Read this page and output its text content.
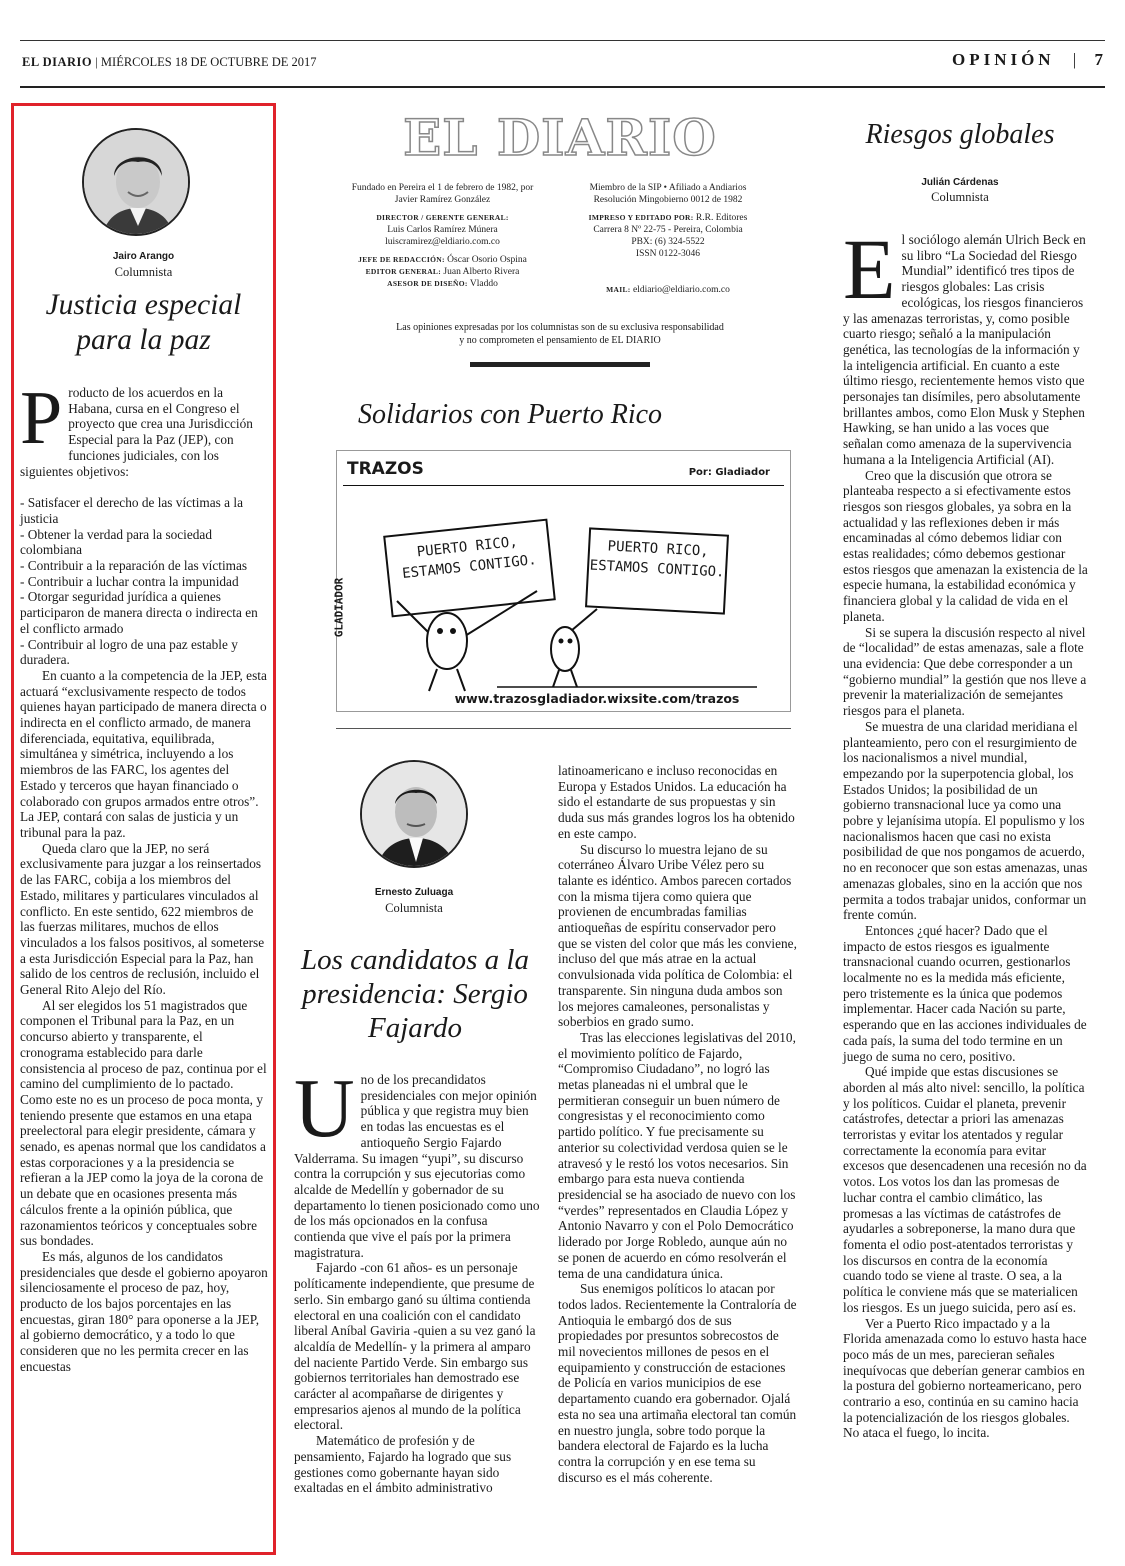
EL DIARIO | MIÉRCOLES 18 DE OCTUBRE DE 2017	OPINIÓN | 7
Jairo Arango
Columnista
Justicia especial para la paz
P roducto de los acuerdos en la Habana, cursa en el Congreso el proyecto que crea una Jurisdicción Especial para la Paz (JEP), con funciones judiciales, con los siguientes objetivos:

- Satisfacer el derecho de las víctimas a la justicia
- Obtener la verdad para la sociedad colombiana
- Contribuir a la reparación de las víctimas
- Contribuir a luchar contra la impunidad
- Otorgar seguridad jurídica a quienes participaron de manera directa o indirecta en el conflicto armado
- Contribuir al logro de una paz estable y duradera.

En cuanto a la competencia de la JEP, esta actuará “exclusivamente respecto de todos quienes hayan participado de manera directa o indirecta en el conflicto armado, de manera diferenciada, equitativa, equilibrada, simultánea y simétrica, incluyendo a los miembros de las FARC, los agentes del Estado y terceros que hayan financiado o colaborado con grupos armados entre otros”. La JEP, contará con salas de justicia y un tribunal para la paz.

Queda claro que la JEP, no será exclusivamente para juzgar a los reinsertados de las FARC, cobija a los miembros del Estado, militares y particulares vinculados al conflicto. En este sentido, 622 miembros de las fuerzas militares, muchos de ellos vinculados a los falsos positivos, al someterse a esta Jurisdicción Especial para la Paz, han salido de los centros de reclusión, incluido el General Rito Alejo del Río.

Al ser elegidos los 51 magistrados que componen el Tribunal para la Paz, en un concurso abierto y transparente, el cronograma establecido para darle consistencia al proceso de paz, continua por el camino del cumplimiento de lo pactado. Como este no es un proceso de poca monta, y teniendo presente que estamos en una etapa preelectoral para elegir presidente, cámara y senado, es apenas normal que los candidatos a estas corporaciones y a la presidencia se refieran a la JEP como la joya de la corona de un debate que en ocasiones presenta más cálculos frente a la opinión pública, que razonamientos teóricos y conceptuales sobre sus bondades.

Es más, algunos de los candidatos presidenciales que desde el gobierno apoyaron silenciosamente el proceso de paz, hoy, producto de los bajos porcentajes en las encuestas, giran 180° para oponerse a la JEP, al gobierno democrático, y a todo lo que consideren que no les permita crecer en las encuestas

EL DIARIO
Fundado en Pereira el 1 de febrero de 1982, por Javier Ramírez González
DIRECTOR / GERENTE GENERAL:
Luis Carlos Ramírez Múnera
luiscramirez@eldiario.com.co
JEFE DE REDACCIÓN: Óscar Osorio Ospina
EDITOR GENERAL: Juan Alberto Rivera
ASESOR DE DISEÑO: Vladdo
Miembro de la SIP • Afiliado a Andiarios Resolución Mingobierno 0012 de 1982
IMPRESO Y EDITADO POR: R.R. Editores
Carrera 8 Nº 22-75 - Pereira, Colombia
PBX: (6) 324-5522
ISSN 0122-3046
MAIL: eldiario@eldiario.com.co
Las opiniones expresadas por los columnistas son de su exclusiva responsabilidad
y no comprometen el pensamiento de EL DIARIO
Solidarios con Puerto Rico
TRAZOS	Por: Gladiador
PUERTO RICO, ESTAMOS CONTIGO.
PUERTO RICO, ESTAMOS CONTIGO.
GLADIADOR
www.trazosgladiador.wixsite.com/trazos
Ernesto Zuluaga
Columnista
Los candidatos a la presidencia: Sergio Fajardo
U no de los precandidatos presidenciales con mejor opinión pública y que registra muy bien en todas las encuestas es el antioqueño Sergio Fajardo Valderrama. Su imagen “yupi”, su discurso contra la corrupción y sus ejecutorias como alcalde de Medellín y gobernador de su departamento lo tienen posicionado como uno de los más opcionados en la confusa contienda que vive el país por la primera magistratura.

Fajardo -con 61 años- es un personaje políticamente independiente, que presume de serlo. Sin embargo ganó su última contienda electoral en una coalición con el candidato liberal Aníbal Gaviria -quien a su vez ganó la alcaldía de Medellín- y la primera al amparo del naciente Partido Verde. Sin embargo sus gobiernos territoriales han demostrado ese carácter al acompañarse de dirigentes y empresarios ajenos al mundo de la política electoral.

Matemático de profesión y de pensamiento, Fajardo ha logrado que sus gestiones como gobernante hayan sido exaltadas en el ámbito administrativo

latinoamericano e incluso reconocidas en Europa y Estados Unidos. La educación ha sido el estandarte de sus propuestas y sin duda sus más grandes logros los ha obtenido en este campo.

Su discurso lo muestra lejano de su coterráneo Álvaro Uribe Vélez pero su talante es idéntico. Ambos parecen cortados con la misma tijera como quiera que provienen de encumbradas familias antioqueñas de espíritu conservador pero que se visten del color que más les conviene, incluso del que más atrae en la actual convulsionada vida política de Colombia: el transparente. Sin ninguna duda ambos son los mejores camaleones, personalistas y soberbios en grado sumo.

Tras las elecciones legislativas del 2010, el movimiento político de Fajardo, “Compromiso Ciudadano”, no logró las metas planeadas ni el umbral que le permitieran conseguir un buen número de congresistas y el reconocimiento como partido político. Y fue precisamente su anterior su colectividad verdosa quien se le atravesó y le restó los votos necesarios. Sin embargo para esta nueva contienda presidencial se ha asociado de nuevo con los “verdes” representados en Claudia López y Antonio Navarro y con el Polo Democrático liderado por Jorge Robledo, aunque aún no se ponen de acuerdo en cómo resolverán el tema de una candidatura única.

Sus enemigos políticos lo atacan por todos lados. Recientemente la Contraloría de Antioquia le embargó dos de sus propiedades por presuntos sobrecostos de mil novecientos millones de pesos en el equipamiento y construcción de estaciones de Policía en varios municipios de ese departamento cuando era gobernador. Ojalá esta no sea una artimaña electoral tan común en nuestro jungla, sobre todo porque la bandera electoral de Fajardo es la lucha contra la corrupción y en ese tema su discurso es el más coherente.

Riesgos globales
Julián Cárdenas
Columnista
E l sociólogo alemán Ulrich Beck en su libro “La Sociedad del Riesgo Mundial” identificó tres tipos de riesgos globales: Las crisis ecológicas, los riesgos financieros y las amenazas terroristas, y, como posible cuarto riesgo; señaló a la manipulación genética, las tecnologías de la información y la inteligencia artificial. En cuanto a este último riesgo, recientemente hemos visto que personajes tan disímiles, pero absolutamente brillantes ambos, como Elon Musk y Stephen Hawking, se han unido a las voces que señalan como amenaza de la supervivencia humana a la Inteligencia Artificial (AI).

Creo que la discusión que otrora se planteaba respecto a si efectivamente estos riesgos son riesgos globales, ya sobra en la actualidad y las reflexiones deben ir más encaminadas al cómo debemos lidiar con estas realidades; cómo debemos gestionar estos riesgos que amenazan la existencia de la especie humana, la estabilidad económica y financiera global y la calidad de vida en el planeta.

Si se supera la discusión respecto al nivel de “localidad” de estas amenazas, sale a flote una evidencia: Que debe corresponder a un “gobierno mundial” la gestión que nos lleve a prevenir la materialización de semejantes riesgos para el planeta.

Se muestra de una claridad meridiana el planteamiento, pero con el resurgimiento de los nacionalismos a nivel mundial, empezando por la superpotencia global, los Estados Unidos; la posibilidad de un gobierno transnacional luce ya como una pobre y lejanísima utopía. El populismo y los nacionalismos hacen que casi no exista posibilidad de que nos pongamos de acuerdo, no en reconocer que son estas amenazas, unas amenazas globales, sino en la acción que nos permita a todos trabajar unidos, conformar un frente común.

Entonces ¿qué hacer? Dado que el impacto de estos riesgos es igualmente transnacional cuando ocurren, gestionarlos localmente no es la medida más eficiente, pero tristemente es la única que podemos implementar. Hacer cada Nación su parte, esperando que en las acciones individuales de cada país, la suma del todo termine en un juego de suma no cero, positivo.

Qué impide que estas discusiones se aborden al más alto nivel: sencillo, la política y los políticos. Cuidar el planeta, prevenir catástrofes, detectar a priori las amenazas terroristas y evitar los atentados y regular correctamente la economía para evitar excesos que desencadenen una recesión no da votos. Los votos los dan las promesas de luchar contra el cambio climático, las promesas a las víctimas de catástrofes de ayudarles a sobreponerse, la mano dura que fomenta el odio post-atentados terroristas y los discursos en contra de la economía cuando todo se viene al traste. O sea, a la política le conviene más que se materialicen los riesgos. Es un juego suicida, pero así es.

Ver a Puerto Rico impactado y a la Florida amenazada como lo estuvo hasta hace poco más de un mes, parecieran señales inequívocas que deberían generar cambios en la postura del gobierno norteamericano, pero contrario a eso, continúa en su camino hacia la potencialización de los riesgos globales. No ataca el fuego, lo incita.
